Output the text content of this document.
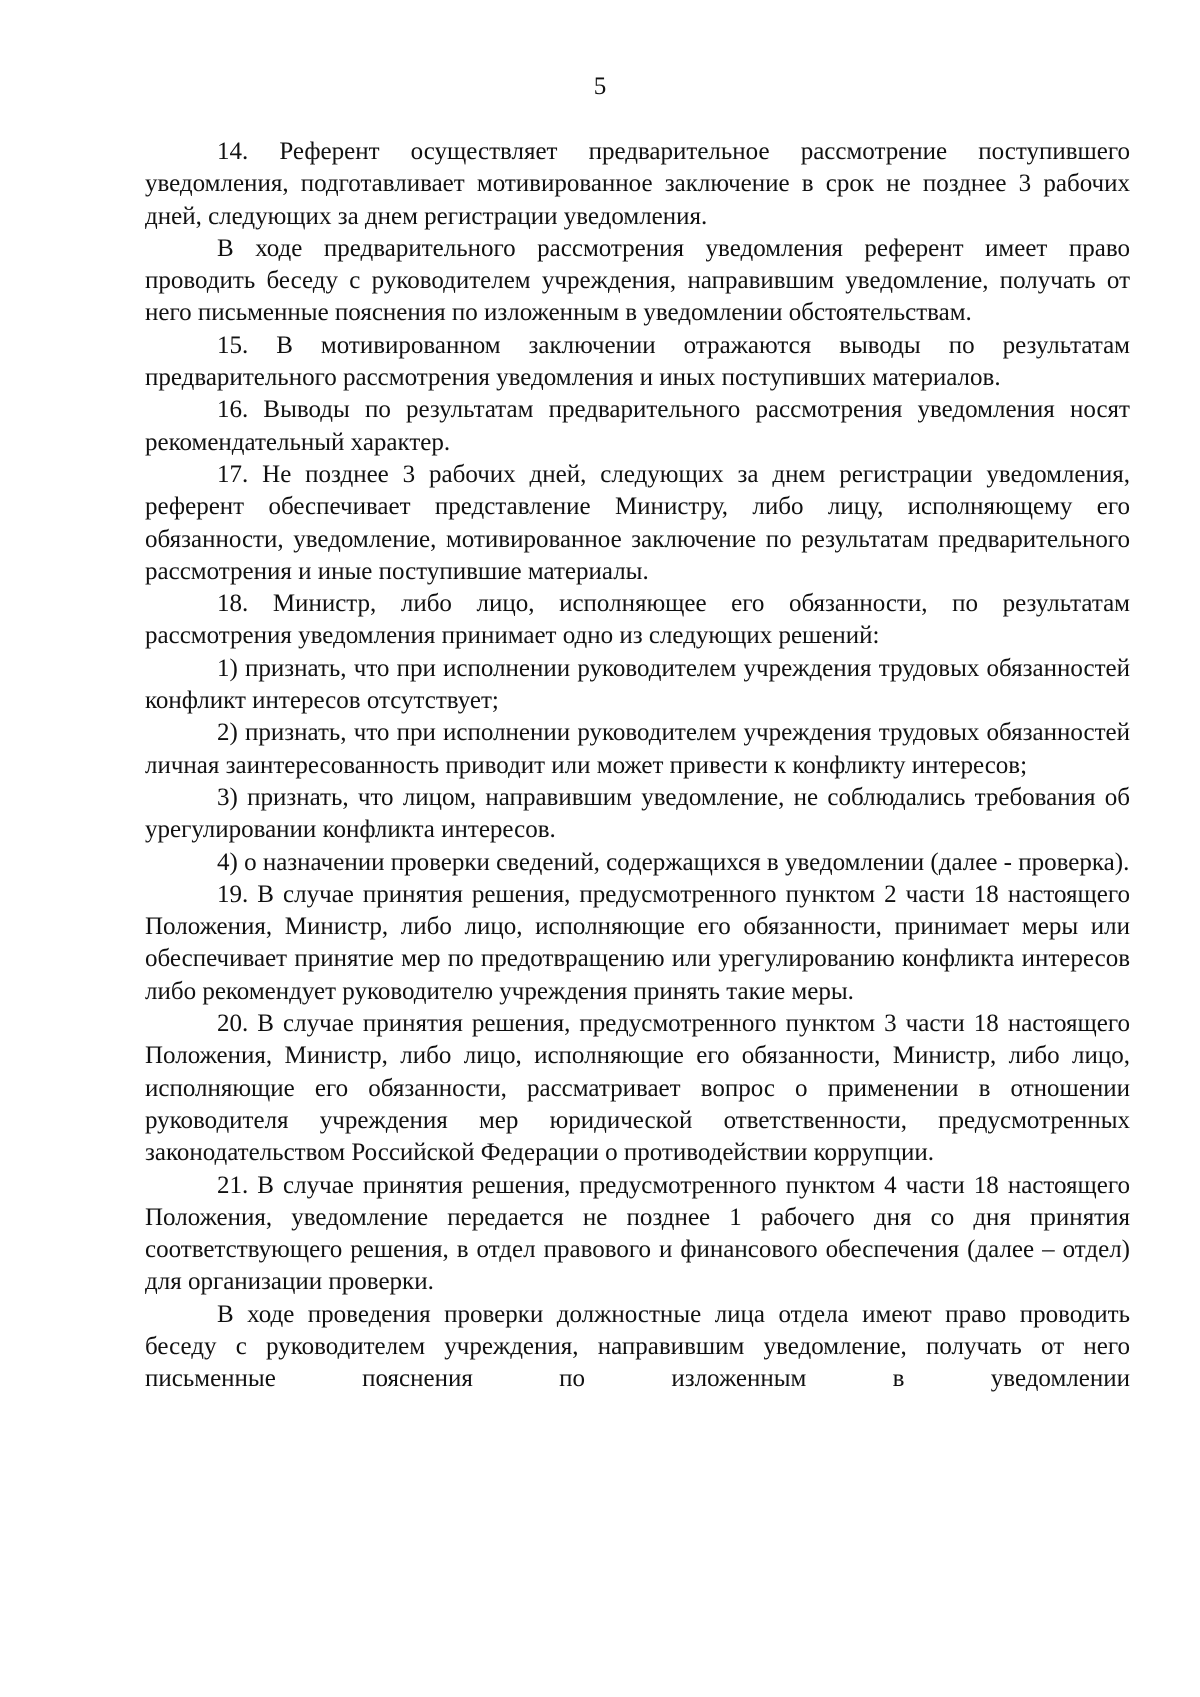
5

14. Референт осуществляет предварительное рассмотрение поступившего уведомления, подготавливает мотивированное заключение в срок не позднее 3 рабочих дней, следующих за днем регистрации уведомления.

В ходе предварительного рассмотрения уведомления референт имеет право проводить беседу с руководителем учреждения, направившим уведомление, получать от него письменные пояснения по изложенным в уведомлении обстоятельствам.

15. В мотивированном заключении отражаются выводы по результатам предварительного рассмотрения уведомления и иных поступивших материалов.

16. Выводы по результатам предварительного рассмотрения уведомления носят рекомендательный характер.

17. Не позднее 3 рабочих дней, следующих за днем регистрации уведомления, референт обеспечивает представление Министру, либо лицу, исполняющему его обязанности, уведомление, мотивированное заключение по результатам предварительного рассмотрения и иные поступившие материалы.

18. Министр, либо лицо, исполняющее его обязанности, по результатам рассмотрения уведомления принимает одно из следующих решений:

1) признать, что при исполнении руководителем учреждения трудовых обязанностей конфликт интересов отсутствует;

2) признать, что при исполнении руководителем учреждения трудовых обязанностей личная заинтересованность приводит или может привести к конфликту интересов;

3) признать, что лицом, направившим уведомление, не соблюдались требования об урегулировании конфликта интересов.

4) о назначении проверки сведений, содержащихся в уведомлении (далее - проверка).

19. В случае принятия решения, предусмотренного пунктом 2 части 18 настоящего Положения, Министр, либо лицо, исполняющие его обязанности, принимает меры или обеспечивает принятие мер по предотвращению или урегулированию конфликта интересов либо рекомендует руководителю учреждения принять такие меры.

20. В случае принятия решения, предусмотренного пунктом 3 части 18 настоящего Положения, Министр, либо лицо, исполняющие его обязанности, Министр, либо лицо, исполняющие его обязанности, рассматривает вопрос о применении в отношении руководителя учреждения мер юридической ответственности, предусмотренных законодательством Российской Федерации о противодействии коррупции.

21. В случае принятия решения, предусмотренного пунктом 4 части 18 настоящего Положения, уведомление передается не позднее 1 рабочего дня со дня принятия соответствующего решения, в отдел правового и финансового обеспечения (далее – отдел) для организации проверки.

В ходе проведения проверки должностные лица отдела имеют право проводить беседу с руководителем учреждения, направившим уведомление, получать от него письменные пояснения по изложенным в уведомлении
